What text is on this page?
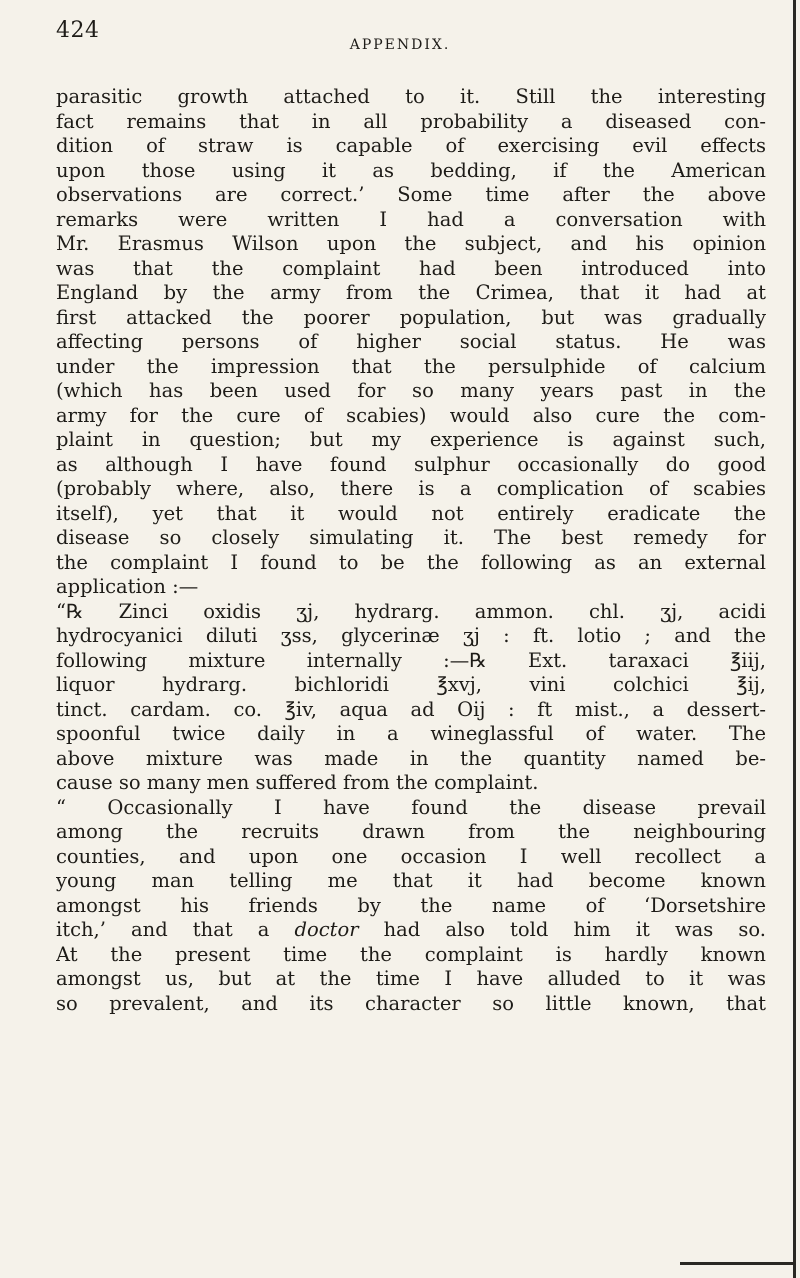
424
APPENDIX.
parasitic growth attached to it. Still the interesting
fact remains that in all probability a diseased con-
dition of straw is capable of exercising evil effects
upon those using it as bedding, if the American
observations are correct.’ Some time after the above
remarks were written I had a conversation with
Mr. Erasmus Wilson upon the subject, and his opinion
was that the complaint had been introduced into
England by the army from the Crimea, that it had at
first attacked the poorer population, but was gradually
affecting persons of higher social status. He was
under the impression that the persulphide of calcium
(which has been used for so many years past in the
army for the cure of scabies) would also cure the com-
plaint in question; but my experience is against such,
as although I have found sulphur occasionally do good
(probably where, also, there is a complication of scabies
itself), yet that it would not entirely eradicate the
disease so closely simulating it. The best remedy for
the complaint I found to be the following as an external
application :—
“℞ Zinci oxidis ʒj, hydrarg. ammon. chl. ʒj, acidi
hydrocyanici diluti ʒss, glycerinæ ʒj : ft. lotio ; and the
following mixture internally :—℞ Ext. taraxaci ℥iij,
liquor hydrarg. bichloridi ℥xvj, vini colchici ℥ij,
tinct. cardam. co. ℥iv, aqua ad Oij : ft mist., a dessert-
spoonful twice daily in a wineglassful of water. The
above mixture was made in the quantity named be-
cause so many men suffered from the complaint.
“ Occasionally I have found the disease prevail
among the recruits drawn from the neighbouring
counties, and upon one occasion I well recollect a
young man telling me that it had become known
amongst his friends by the name of ‘Dorsetshire
itch,’ and that a doctor had also told him it was so.
At the present time the complaint is hardly known
amongst us, but at the time I have alluded to it was
so prevalent, and its character so little known, that
